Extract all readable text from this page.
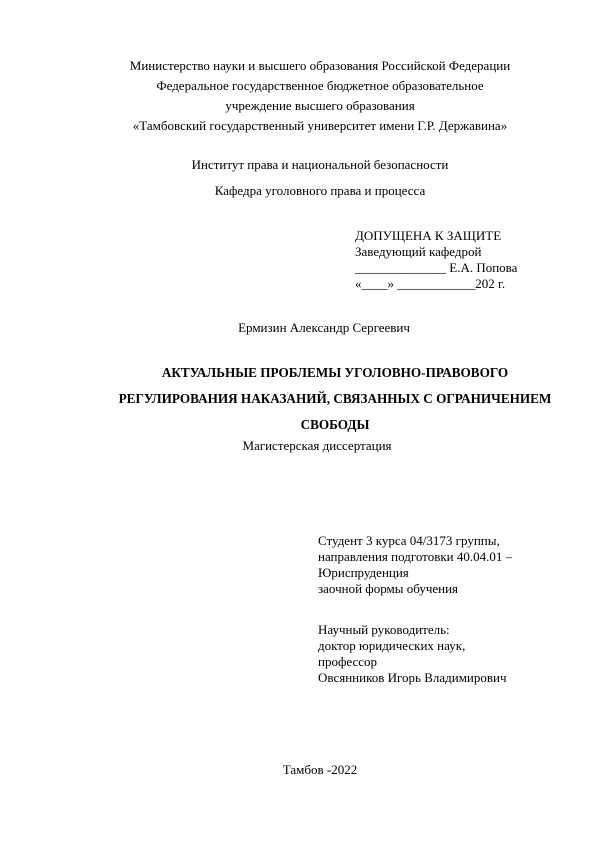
Министерство науки и высшего образования Российской Федерации
Федеральное государственное бюджетное образовательное
учреждение высшего образования
«Тамбовский государственный университет имени Г.Р. Державина»
Институт права и национальной безопасности
Кафедра уголовного права и процесса
ДОПУЩЕНА К ЗАЩИТЕ
Заведующий кафедрой
______________ Е.А. Попова
«____» ____________202 г.
Ермизин Александр Сергеевич
АКТУАЛЬНЫЕ ПРОБЛЕМЫ УГОЛОВНО-ПРАВОВОГО
РЕГУЛИРОВАНИЯ НАКАЗАНИЙ, СВЯЗАННЫХ С ОГРАНИЧЕНИЕМ
СВОБОДЫ
Магистерская диссертация
Студент 3 курса 04/3173 группы,
направления подготовки 40.04.01 –
Юриспруденция
заочной формы обучения
Научный руководитель:
доктор юридических наук,
профессор
Овсянников Игорь Владимирович
Тамбов -2022
